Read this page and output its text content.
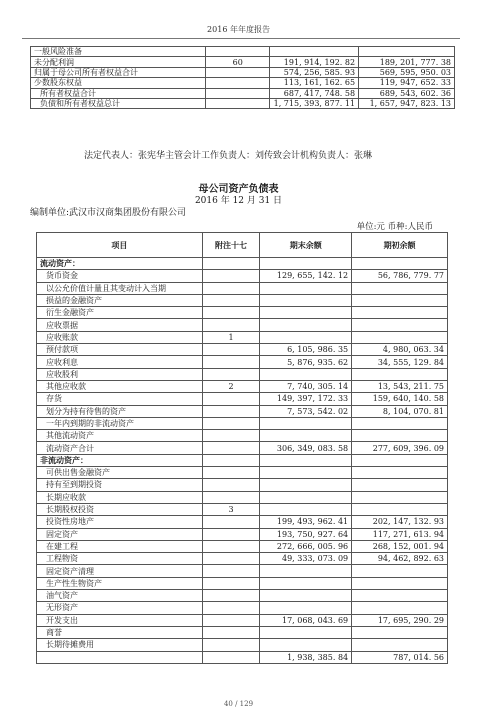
2016 年年度报告
一般风险准备			
未分配利润	60	191, 914, 192. 82	189, 201, 777. 38
归属于母公司所有者权益合计		574, 256, 585. 93	569, 595, 950. 03
少数股东权益		113, 161, 162. 65	119, 947, 652. 33
所有者权益合计		687, 417, 748. 58	689, 543, 602. 36
负债和所有者权益总计		1, 715, 393, 877. 11	1, 657, 947, 823. 13
法定代表人：张宪华主管会计工作负责人：刘传致会计机构负责人：张琳
母公司资产负债表
2016 年 12 月 31 日
编制单位:武汉市汉商集团股份有限公司
单位:元 币种:人民币
项目	附注十七	期末余额	期初余额
流动资产：			
货币资金		129, 655, 142. 12	56, 786, 779. 77
以公允价值计量且其变动计入当期			
损益的金融资产			
衍生金融资产			
应收票据			
应收账款	1		
预付款项		6, 105, 986. 35	4, 980, 063. 34
应收利息		5, 876, 935. 62	34, 555, 129. 84
应收股利			
其他应收款	2	7, 740, 305. 14	13, 543, 211. 75
存货		149, 397, 172. 33	159, 640, 140. 58
划分为持有待售的资产		7, 573, 542. 02	8, 104, 070. 81
一年内到期的非流动资产			
其他流动资产			
流动资产合计		306, 349, 083. 58	277, 609, 396. 09
非流动资产：			
可供出售金融资产			
持有至到期投资			
长期应收款			
长期股权投资	3		
投资性房地产		199, 493, 962. 41	202, 147, 132. 93
固定资产		193, 750, 927. 64	117, 271, 613. 94
在建工程		272, 666, 005. 96	268, 152, 001. 94
工程物资		49, 333, 073. 09	94, 462, 892. 63
固定资产清理			
生产性生物资产			
油气资产			
无形资产			
开发支出		17, 068, 043. 69	17, 695, 290. 29
商誉			
长期待摊费用			
		1, 938, 385. 84	787, 014. 56
40 / 129
